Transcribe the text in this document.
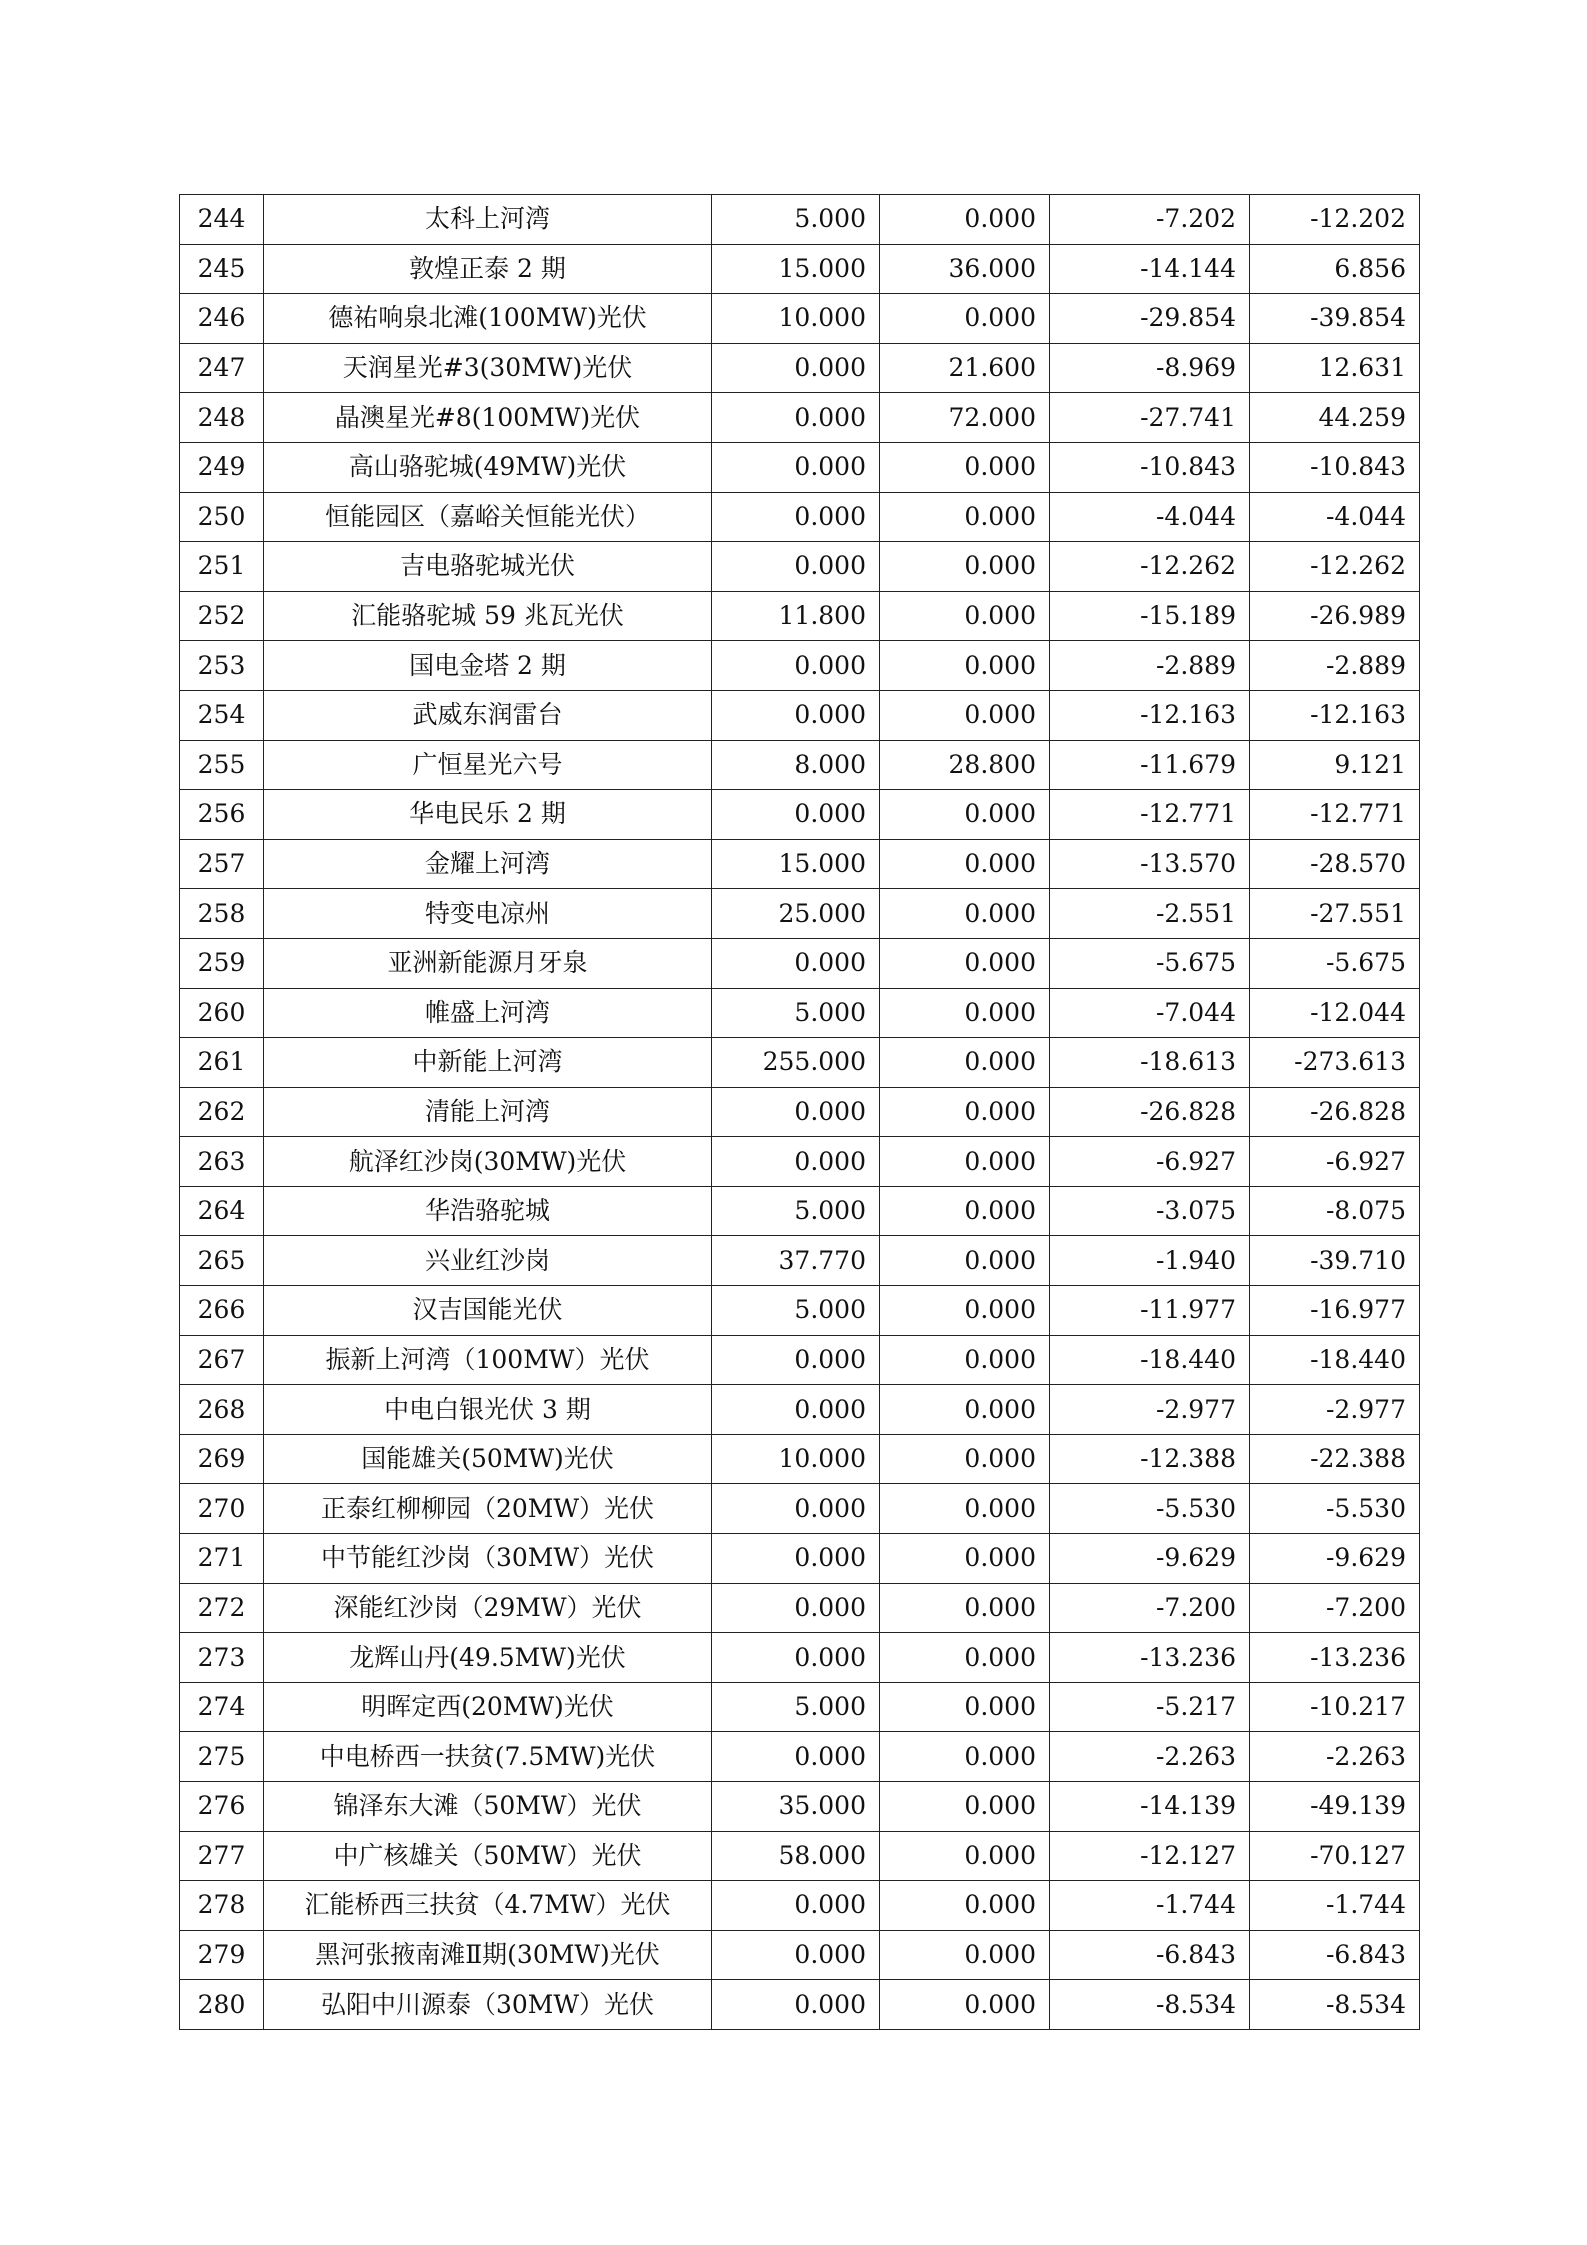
244	太科上河湾	5.000	0.000	-7.202	-12.202
245	敦煌正泰 2 期	15.000	36.000	-14.144	6.856
246	德祐响泉北滩(100MW)光伏	10.000	0.000	-29.854	-39.854
247	天润星光#3(30MW)光伏	0.000	21.600	-8.969	12.631
248	晶澳星光#8(100MW)光伏	0.000	72.000	-27.741	44.259
249	高山骆驼城(49MW)光伏	0.000	0.000	-10.843	-10.843
250	恒能园区（嘉峪关恒能光伏）	0.000	0.000	-4.044	-4.044
251	吉电骆驼城光伏	0.000	0.000	-12.262	-12.262
252	汇能骆驼城 59 兆瓦光伏	11.800	0.000	-15.189	-26.989
253	国电金塔 2 期	0.000	0.000	-2.889	-2.889
254	武威东润雷台	0.000	0.000	-12.163	-12.163
255	广恒星光六号	8.000	28.800	-11.679	9.121
256	华电民乐 2 期	0.000	0.000	-12.771	-12.771
257	金耀上河湾	15.000	0.000	-13.570	-28.570
258	特变电凉州	25.000	0.000	-2.551	-27.551
259	亚洲新能源月牙泉	0.000	0.000	-5.675	-5.675
260	帷盛上河湾	5.000	0.000	-7.044	-12.044
261	中新能上河湾	255.000	0.000	-18.613	-273.613
262	清能上河湾	0.000	0.000	-26.828	-26.828
263	航泽红沙岗(30MW)光伏	0.000	0.000	-6.927	-6.927
264	华浩骆驼城	5.000	0.000	-3.075	-8.075
265	兴业红沙岗	37.770	0.000	-1.940	-39.710
266	汉吉国能光伏	5.000	0.000	-11.977	-16.977
267	振新上河湾（100MW）光伏	0.000	0.000	-18.440	-18.440
268	中电白银光伏 3 期	0.000	0.000	-2.977	-2.977
269	国能雄关(50MW)光伏	10.000	0.000	-12.388	-22.388
270	正泰红柳柳园（20MW）光伏	0.000	0.000	-5.530	-5.530
271	中节能红沙岗（30MW）光伏	0.000	0.000	-9.629	-9.629
272	深能红沙岗（29MW）光伏	0.000	0.000	-7.200	-7.200
273	龙辉山丹(49.5MW)光伏	0.000	0.000	-13.236	-13.236
274	明晖定西(20MW)光伏	5.000	0.000	-5.217	-10.217
275	中电桥西一扶贫(7.5MW)光伏	0.000	0.000	-2.263	-2.263
276	锦泽东大滩（50MW）光伏	35.000	0.000	-14.139	-49.139
277	中广核雄关（50MW）光伏	58.000	0.000	-12.127	-70.127
278	汇能桥西三扶贫（4.7MW）光伏	0.000	0.000	-1.744	-1.744
279	黑河张掖南滩Ⅱ期(30MW)光伏	0.000	0.000	-6.843	-6.843
280	弘阳中川源泰（30MW）光伏	0.000	0.000	-8.534	-8.534
